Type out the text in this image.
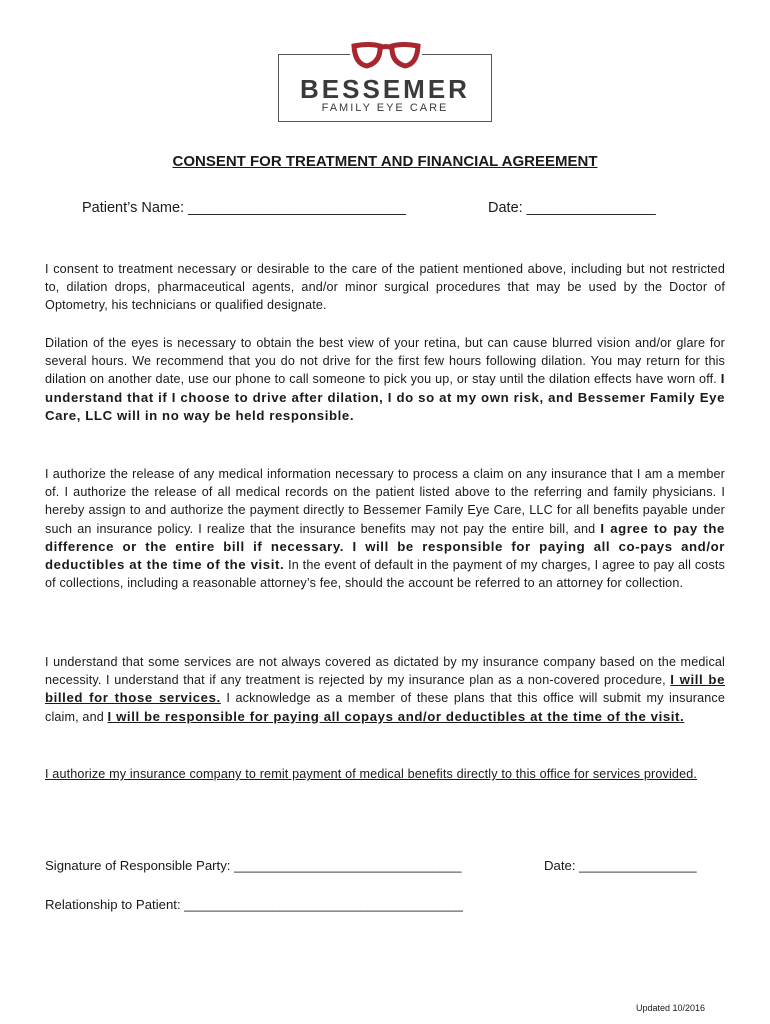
BESSEMER
FAMILY EYE CARE
CONSENT FOR TREATMENT AND FINANCIAL AGREEMENT
Patient’s Name: ___________________________	Date: ________________
I consent to treatment necessary or desirable to the care of the patient mentioned above, including but not restricted to, dilation drops, pharmaceutical agents, and/or minor surgical procedures that may be used by the Doctor of Optometry, his technicians or qualified designate.
Dilation of the eyes is necessary to obtain the best view of your retina, but can cause blurred vision and/or glare for several hours. We recommend that you do not drive for the first few hours following dilation. You may return for this dilation on another date, use our phone to call someone to pick you up, or stay until the dilation effects have worn off. I understand that if I choose to drive after dilation, I do so at my own risk, and Bessemer Family Eye Care, LLC will in no way be held responsible.
I authorize the release of any medical information necessary to process a claim on any insurance that I am a member of. I authorize the release of all medical records on the patient listed above to the referring and family physicians. I hereby assign to and authorize the payment directly to Bessemer Family Eye Care, LLC for all benefits payable under such an insurance policy. I realize that the insurance benefits may not pay the entire bill, and I agree to pay the difference or the entire bill if necessary. I will be responsible for paying all co-pays and/or deductibles at the time of the visit. In the event of default in the payment of my charges, I agree to pay all costs of collections, including a reasonable attorney’s fee, should the account be referred to an attorney for collection.
I understand that some services are not always covered as dictated by my insurance company based on the medical necessity. I understand that if any treatment is rejected by my insurance plan as a non-covered procedure, I will be billed for those services. I acknowledge as a member of these plans that this office will submit my insurance claim, and I will be responsible for paying all copays and/or deductibles at the time of the visit.
I authorize my insurance company to remit payment of medical benefits directly to this office for services provided.
Signature of Responsible Party: _______________________________	Date: ________________
Relationship to Patient: ______________________________________
Updated 10/2016
